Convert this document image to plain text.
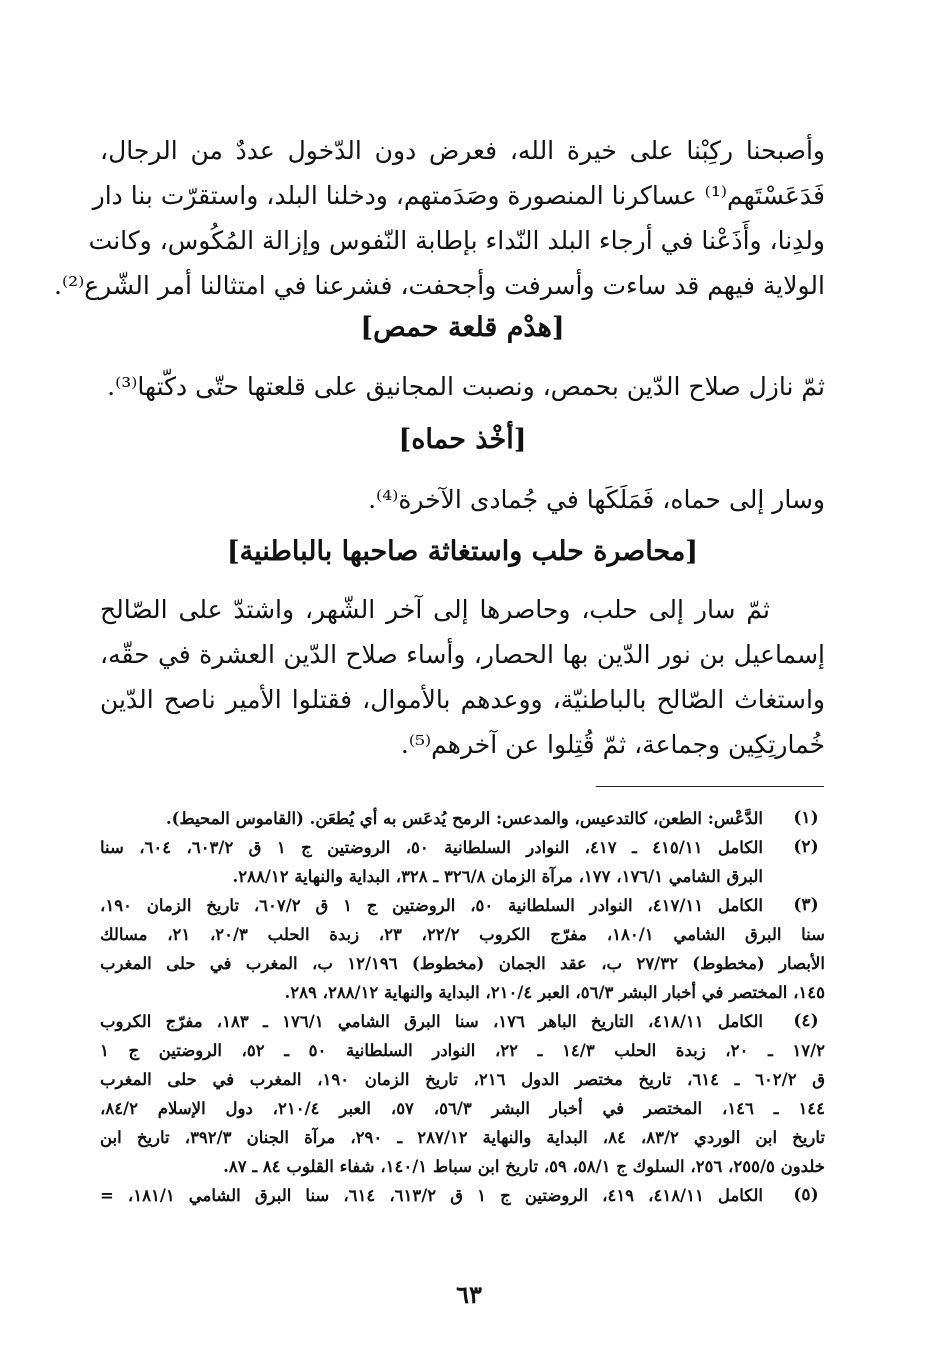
وأصبحنا ركِبْنا على خيرة الله، فعرض دون الدّخول عددٌ من الرجال،
فَدَعَسْتَهم⁽¹⁾ عساكرنا المنصورة وصَدَمتهم، ودخلنا البلد، واستقرّت بنا دار
ولدِنا، وأَذَعْنا في أرجاء البلد النّداء بإطابة النّفوس وإزالة المُكُوس، وكانت
الولاية فيهم قد ساءت وأسرفت وأجحفت، فشرعنا في امتثالنا أمر الشّرع⁽²⁾.
[هدْم قلعة حمص]
ثمّ نازل صلاح الدّين بحمص، ونصبت المجانيق على قلعتها حتّى دكّتها⁽³⁾.
[أخْذ حماه]
وسار إلى حماه، فَمَلَكَها في جُمادى الآخرة⁽⁴⁾.
[محاصرة حلب واستغاثة صاحبها بالباطنية]
ثمّ سار إلى حلب، وحاصرها إلى آخر الشّهر، واشتدّ على الصّالح
إسماعيل بن نور الدّين بها الحصار، وأساء صلاح الدّين العشرة في حقّه،
واستغاث الصّالح بالباطنيّة، ووعدهم بالأموال، فقتلوا الأمير ناصح الدّين
خُمارتِكِين وجماعة، ثمّ قُتِلوا عن آخرهم⁽⁵⁾.
(١)
الدَّعْس: الطعن، كالتدعيس، والمدعس: الرمح يُدعَس به أي يُطعَن. (القاموس المحيط).
(٢)
الكامل ٤١٥/١١ ـ ٤١٧، النوادر السلطانية ٥٠، الروضتين ج ١ ق ٦٠٣/٢، ٦٠٤، سنا
البرق الشامي ١٧٦/١، ١٧٧، مرآة الزمان ٣٢٦/٨ ـ ٣٢٨، البداية والنهاية ٢٨٨/١٢.
(٣)
الكامل ٤١٧/١١، النوادر السلطانية ٥٠، الروضتين ج ١ ق ٦٠٧/٢، تاريخ الزمان ١٩٠،
سنا البرق الشامي ١٨٠/١، مفرّج الكروب ٢٢/٢، ٢٣، زبدة الحلب ٢٠/٣، ٢١، مسالك
الأبصار (مخطوط) ٢٧/٣٢ ب، عقد الجمان (مخطوط) ١٢/١٩٦ ب، المغرب في حلى المغرب
١٤٥، المختصر في أخبار البشر ٥٦/٣، العبر ٢١٠/٤، البداية والنهاية ٢٨٨/١٢، ٢٨٩.
(٤)
الكامل ٤١٨/١١، التاريخ الباهر ١٧٦، سنا البرق الشامي ١٧٦/١ ـ ١٨٣، مفرّج الكروب
١٧/٢ ـ ٢٠، زبدة الحلب ١٤/٣ ـ ٢٢، النوادر السلطانية ٥٠ ـ ٥٢، الروضتين ج ١
ق ٦٠٢/٢ ـ ٦١٤، تاريخ مختصر الدول ٢١٦، تاريخ الزمان ١٩٠، المغرب في حلى المغرب
١٤٤ ـ ١٤٦، المختصر في أخبار البشر ٥٦/٣، ٥٧، العبر ٢١٠/٤، دول الإسلام ٨٤/٢،
تاريخ ابن الوردي ٨٣/٢، ٨٤، البداية والنهاية ٢٨٧/١٢ ـ ٢٩٠، مرآة الجنان ٣٩٢/٣، تاريخ ابن
خلدون ٢٥٥/٥، ٢٥٦، السلوك ج ٥٨/١، ٥٩، تاريخ ابن سباط ١٤٠/١، شفاء القلوب ٨٤ ـ ٨٧.
(٥)
الكامل ٤١٨/١١، ٤١٩، الروضتين ج ١ ق ٦١٣/٢، ٦١٤، سنا البرق الشامي ١٨١/١، =
٦٣
